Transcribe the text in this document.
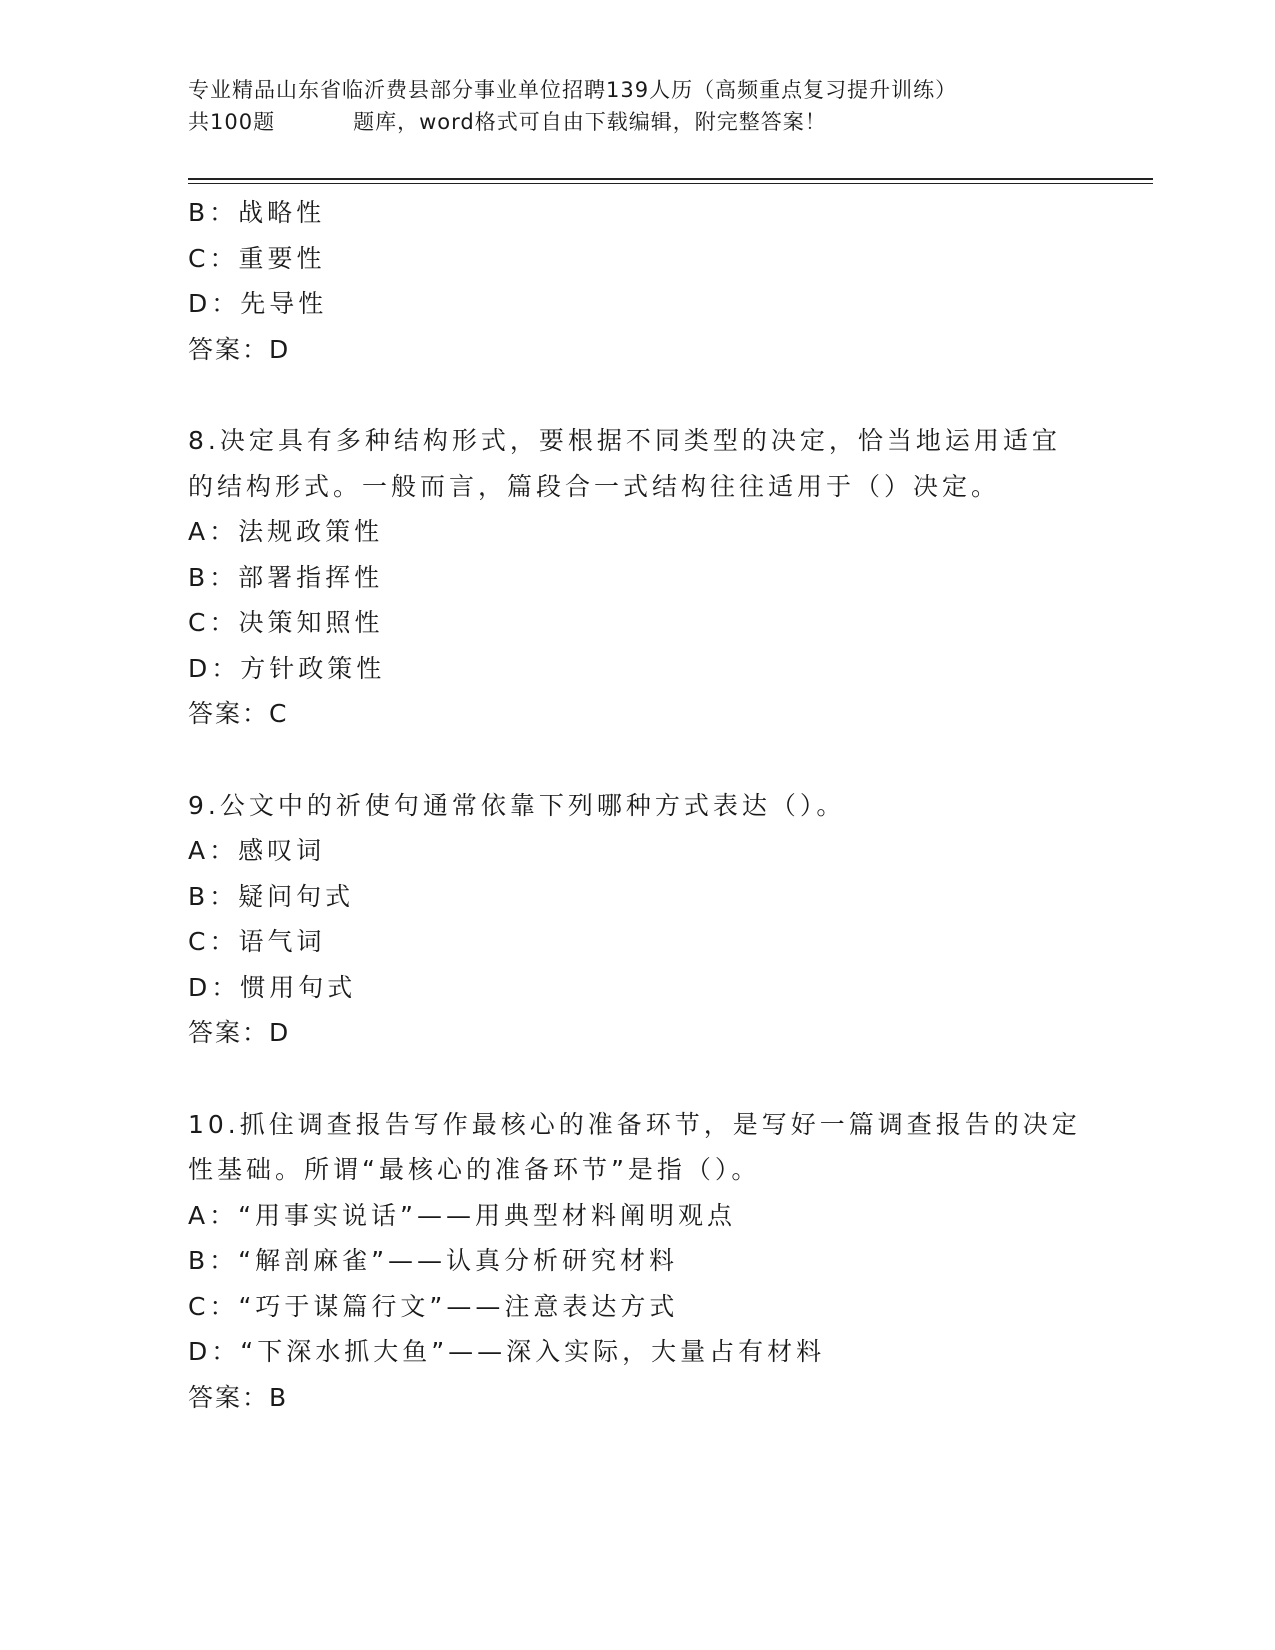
专业精品山东省临沂费县部分事业单位招聘139人历（高频重点复习提升训练）
共100题	题库，word格式可自由下载编辑，附完整答案！
B：战略性
C：重要性
D：先导性
答案：D
8.决定具有多种结构形式，要根据不同类型的决定，恰当地运用适宜
的结构形式。一般而言，篇段合一式结构往往适用于（）决定。
A：法规政策性
B：部署指挥性
C：决策知照性
D：方针政策性
答案：C
9.公文中的祈使句通常依靠下列哪种方式表达（）。
A：感叹词
B：疑问句式
C：语气词
D：惯用句式
答案：D
10.抓住调查报告写作最核心的准备环节，是写好一篇调查报告的决定
性基础。所谓“最核心的准备环节”是指（）。
A：“用事实说话”——用典型材料阐明观点
B：“解剖麻雀”——认真分析研究材料
C：“巧于谋篇行文”——注意表达方式
D：“下深水抓大鱼”——深入实际，大量占有材料
答案：B
